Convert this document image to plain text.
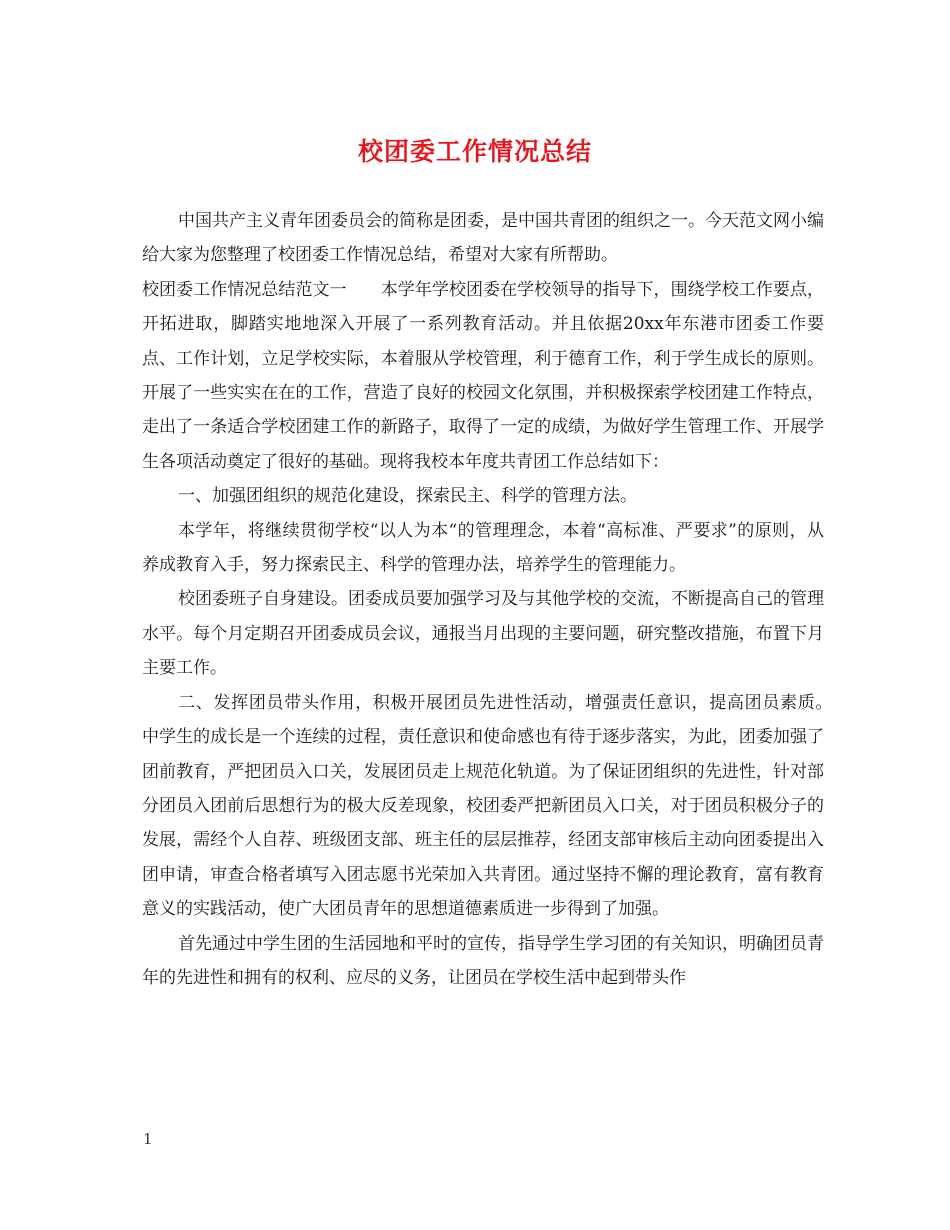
校团委工作情况总结

中国共产主义青年团委员会的简称是团委，是中国共青团的组织之一。今天范文网小编给大家为您整理了校团委工作情况总结，希望对大家有所帮助。

校团委工作情况总结范文一　　本学年学校团委在学校领导的指导下，围绕学校工作要点，开拓进取，脚踏实地地深入开展了一系列教育活动。并且依据20xx年东港市团委工作要点、工作计划，立足学校实际，本着服从学校管理，利于德育工作，利于学生成长的原则。开展了一些实实在在的工作，营造了良好的校园文化氛围，并积极探索学校团建工作特点，走出了一条适合学校团建工作的新路子，取得了一定的成绩，为做好学生管理工作、开展学生各项活动奠定了很好的基础。现将我校本年度共青团工作总结如下：

一、加强团组织的规范化建设，探索民主、科学的管理方法。

本学年，将继续贯彻学校“以人为本“的管理理念，本着“高标准、严要求”的原则，从养成教育入手，努力探索民主、科学的管理办法，培养学生的管理能力。

校团委班子自身建设。团委成员要加强学习及与其他学校的交流，不断提高自己的管理水平。每个月定期召开团委成员会议，通报当月出现的主要问题，研究整改措施，布置下月主要工作。

二、发挥团员带头作用，积极开展团员先进性活动，增强责任意识，提高团员素质。　中学生的成长是一个连续的过程，责任意识和使命感也有待于逐步落实，为此，团委加强了团前教育，严把团员入口关，发展团员走上规范化轨道。为了保证团组织的先进性，针对部分团员入团前后思想行为的极大反差现象，校团委严把新团员入口关，对于团员积极分子的发展，需经个人自荐、班级团支部、班主任的层层推荐，经团支部审核后主动向团委提出入团申请，审查合格者填写入团志愿书光荣加入共青团。通过坚持不懈的理论教育，富有教育意义的实践活动，使广大团员青年的思想道德素质进一步得到了加强。

首先通过中学生团的生活园地和平时的宣传，指导学生学习团的有关知识，明确团员青年的先进性和拥有的权利、应尽的义务，让团员在学校生活中起到带头作

1
